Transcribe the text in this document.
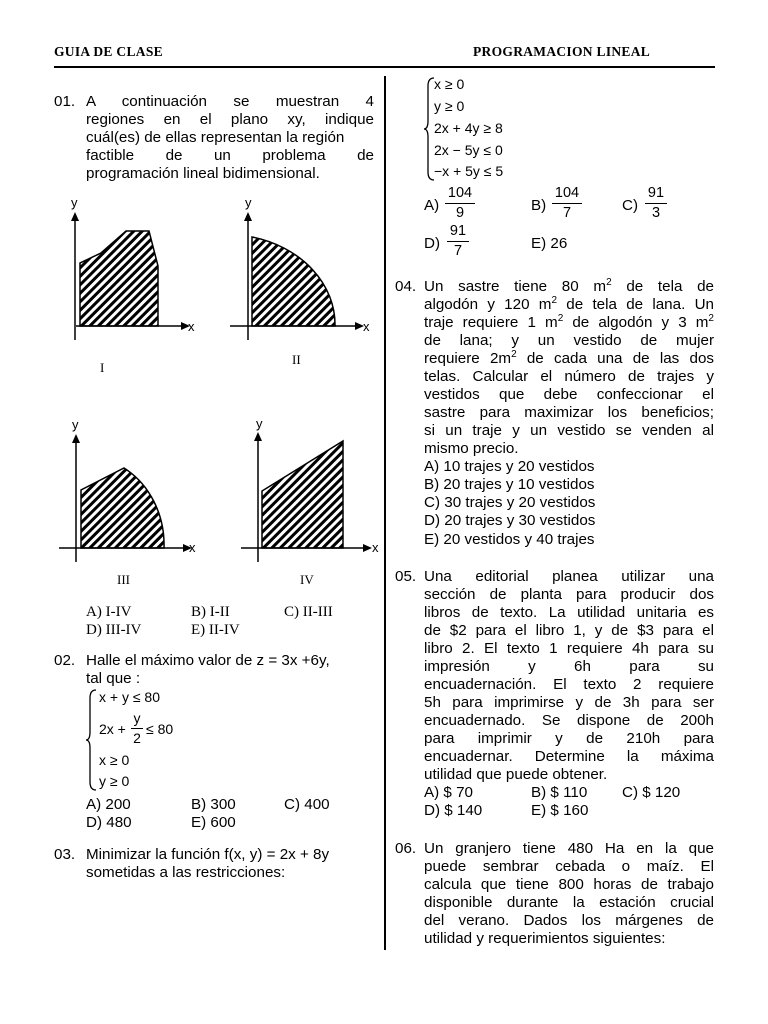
GUIA DE CLASE	PROGRAMACION LINEAL
01. A continuación se muestran 4
regiones en el plano xy, indique
cuál(es) de ellas representan la región
factible de un problema de
programación lineal bidimensional.
y
x
I
y
x
II
y
x
III
y
x
IV
A) I-IV	B) I-II	C) II-III
D) III-IV	E) II-IV
02. Halle el máximo valor de z = 3x +6y,
tal que :
x + y ≤ 80
2x +
y
2
≤ 80
x ≥ 0
y ≥ 0
A) 200	B) 300	C) 400
D) 480	E) 600
03. Minimizar la función f(x, y) = 2x + 8y
sometidas a las restricciones:
x ≥ 0
y ≥ 0
2x + 4y ≥ 8
2x − 5y ≤ 0
−x + 5y ≤ 5
A)
104
9	B)
104
7	C)
91
3
D)
91
7	E) 26
04. Un sastre tiene 80 $m^2$ de tela de
algodón y 120 $m^2$ de tela de lana. Un
traje requiere 1 $m^2$ de algodón y 3 $m^2$
de lana; y un vestido de mujer
requiere $2m^2$ de cada una de las dos
telas. Calcular el número de trajes y
vestidos que debe confeccionar el
sastre para maximizar los beneficios;
si un traje y un vestido se venden al
mismo precio.
A) 10 trajes y 20 vestidos
B) 20 trajes y 10 vestidos
C) 30 trajes y 20 vestidos
D) 20 trajes y 30 vestidos
E) 20 vestidos y 40 trajes
05. Una editorial planea utilizar una
sección de planta para producir dos
libros de texto. La utilidad unitaria es
de $2 para el libro 1, y de $3 para el
libro 2. El texto 1 requiere 4h para su
impresión y 6h para su
encuadernación. El texto 2 requiere
5h para imprimirse y de 3h para ser
encuadernado. Se dispone de 200h
para imprimir y de 210h para
encuadernar. Determine la máxima
utilidad que puede obtener.
A) $ 70	B) $ 110 C) $ 120
D) $ 140	E) $ 160
06. Un granjero tiene 480 Ha en la que
puede sembrar cebada o maíz. El
calcula que tiene 800 horas de trabajo
disponible durante la estación crucial
del verano. Dados los márgenes de
utilidad y requerimientos siguientes:
